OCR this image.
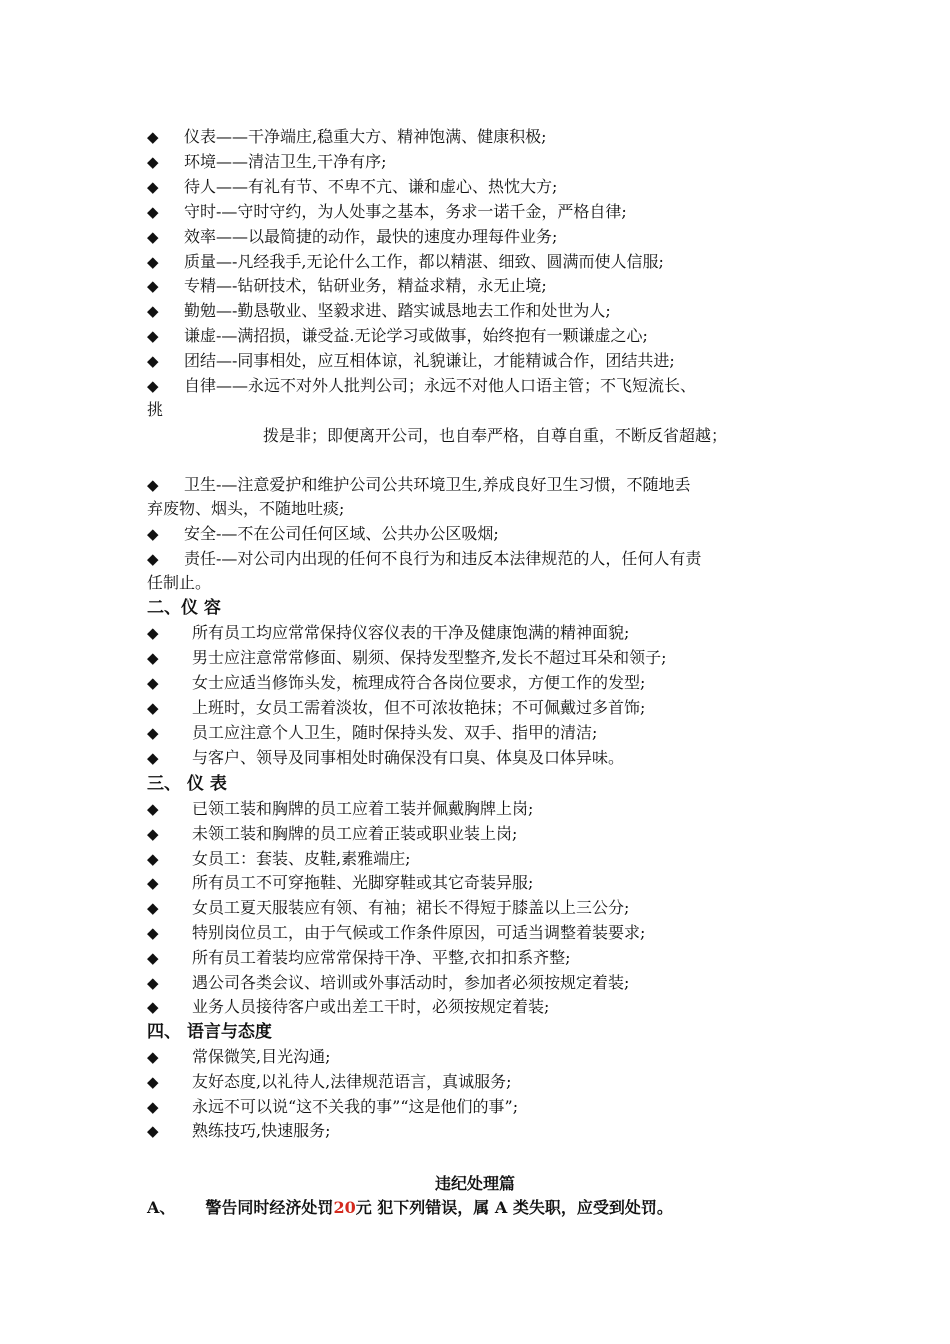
◆ 仪表——干净端庄,稳重大方、精神饱满、健康积极;
◆ 环境——清洁卫生,干净有序;
◆ 待人——有礼有节、不卑不亢、谦和虚心、热忱大方;
◆ 守时-—守时守约，为人处事之基本，务求一诺千金，严格自律;
◆ 效率——以最简捷的动作，最快的速度办理每件业务;
◆ 质量—-凡经我手,无论什么工作，都以精湛、细致、圆满而使人信服;
◆ 专精—-钻研技术，钻研业务，精益求精，永无止境;
◆ 勤勉—-勤恳敬业、坚毅求进、踏实诚恳地去工作和处世为人;
◆ 谦虚-—满招损，谦受益.无论学习或做事，始终抱有一颗谦虚之心;
◆ 团结—-同事相处，应互相体谅，礼貌谦让，才能精诚合作，团结共进;
◆ 自律——永远不对外人批判公司；永远不对他人口语主管；不飞短流长、
挑
拨是非；即便离开公司，也自奉严格，自尊自重，不断反省超越；
◆ 卫生-—注意爱护和维护公司公共环境卫生,养成良好卫生习惯，不随地丢
弃废物、烟头，不随地吐痰;
◆ 安全-—不在公司任何区域、公共办公区吸烟;
◆ 责任-—对公司内出现的任何不良行为和违反本法律规范的人，任何人有责
任制止。
二、仪 容
◆ 所有员工均应常常保持仪容仪表的干净及健康饱满的精神面貌;
◆ 男士应注意常常修面、剔须、保持发型整齐,发长不超过耳朵和领子;
◆ 女士应适当修饰头发，梳理成符合各岗位要求，方便工作的发型;
◆ 上班时，女员工需着淡妆，但不可浓妆艳抹；不可佩戴过多首饰;
◆ 员工应注意个人卫生，随时保持头发、双手、指甲的清洁;
◆ 与客户、领导及同事相处时确保没有口臭、体臭及口体异味。
三、 仪 表
◆ 已领工装和胸牌的员工应着工装并佩戴胸牌上岗;
◆ 未领工装和胸牌的员工应着正装或职业装上岗;
◆ 女员工：套装、皮鞋,素雅端庄;
◆ 所有员工不可穿拖鞋、光脚穿鞋或其它奇装异服;
◆ 女员工夏天服装应有领、有袖；裙长不得短于膝盖以上三公分;
◆ 特别岗位员工，由于气候或工作条件原因，可适当调整着装要求;
◆ 所有员工着装均应常常保持干净、平整,衣扣扣系齐整;
◆ 遇公司各类会议、培训或外事活动时，参加者必须按规定着装;
◆ 业务人员接待客户或出差工干时，必须按规定着装;
四、 语言与态度
◆ 常保微笑,目光沟通;
◆ 友好态度,以礼待人,法律规范语言，真诚服务;
◆ 永远不可以说“这不关我的事”“这是他们的事”;
◆ 熟练技巧,快速服务;
违纪处理篇
A、 警告同时经济处罚20元 犯下列错误，属 A 类失职，应受到处罚。
